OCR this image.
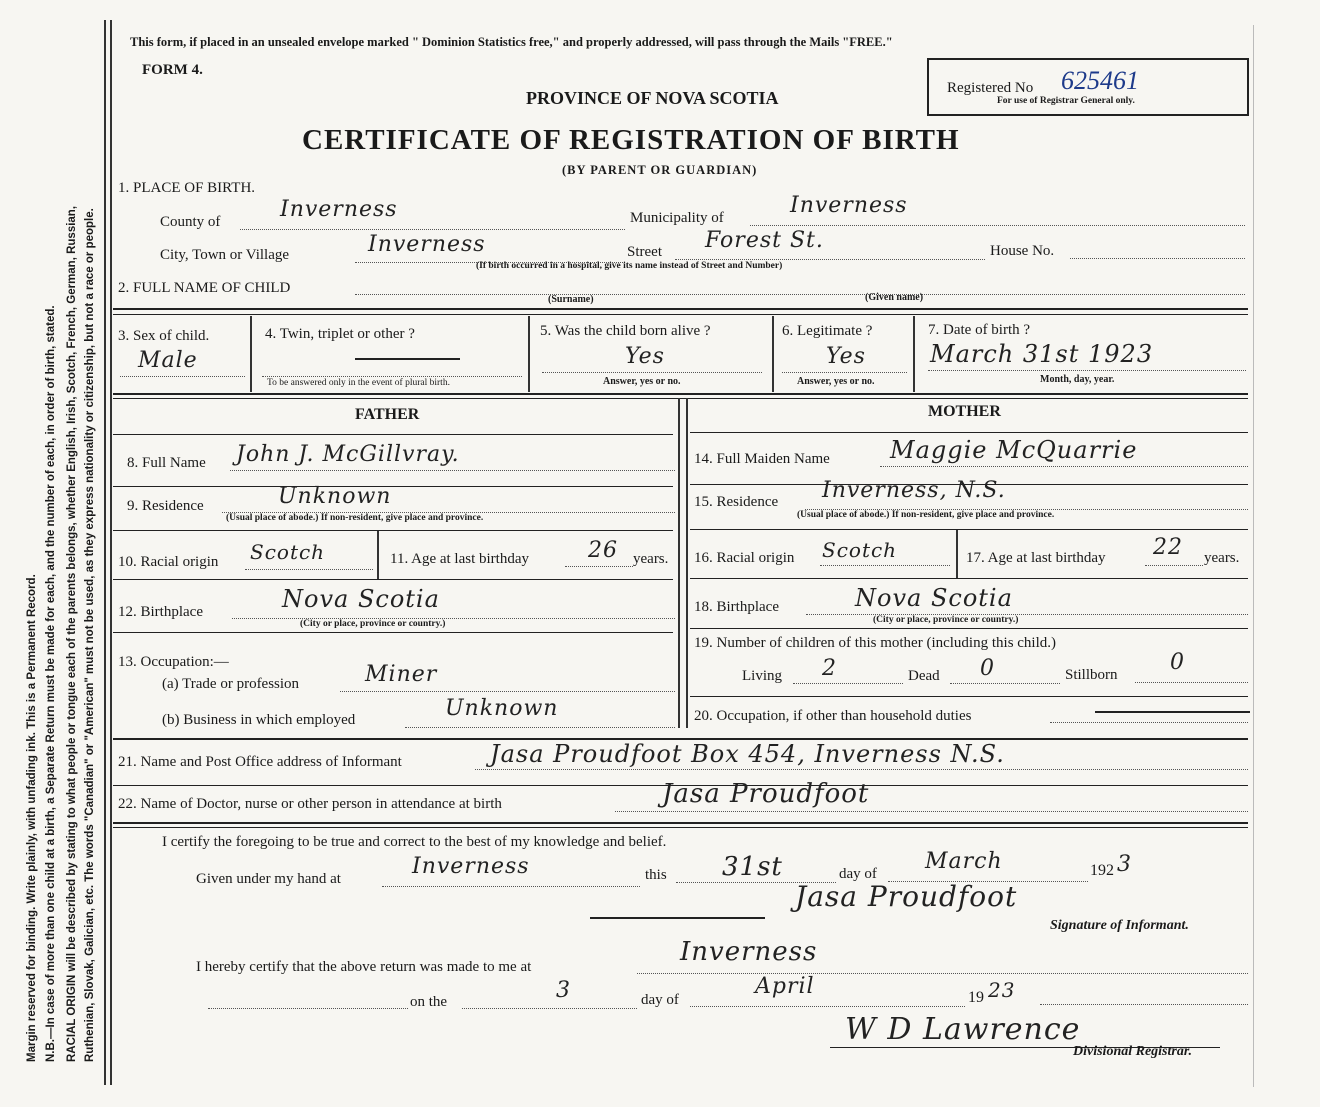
Margin reserved for binding. Write plainly, with unfading ink. This is a Permanent Record. N.B.—In case of more than one child at a birth, a Separate Return must be made for each, and the number of each, in order of birth, stated. RACIAL ORIGIN will be described by stating to what people or tongue each of the parents belongs, whether English, Irish, Scotch, French, German, Russian, Ruthenian, Slovak, Galician, etc. The words "Canadian" or "American" must not be used, as they express nationality or citizenship, but not a race or people.
This form, if placed in an unsealed envelope marked " Dominion Statistics free," and properly addressed, will pass through the Mails "FREE."
FORM 4.
PROVINCE OF NOVA SCOTIA
CERTIFICATE OF REGISTRATION OF BIRTH
(BY PARENT OR GUARDIAN)
Registered No 625461
For use of Registrar General only.
1. PLACE OF BIRTH.
County of	Inverness	Municipality of	Inverness
City, Town or Village	Inverness	Street Forest St.	House No.
(If birth occurred in a hospital, give its name instead of Street and Number)
2. FULL NAME OF CHILD
(Surname)	(Given name)
3. Sex of child.
Male
4. Twin, triplet or other ?
To be answered only in the event of plural birth.
5. Was the child born alive ?
Yes
Answer, yes or no.
6. Legitimate ?
Yes
Answer, yes or no.
7. Date of birth ?
March 31st 1923
Month, day, year.
FATHER
8. Full Name John J. McGillvray.
9. Residence	Unknown
(Usual place of abode.) If non-resident, give place and province.
10. Racial origin Scotch	11. Age at last birthday	26 years.
12. Birthplace	Nova Scotia
(City or place, province or country.)
13. Occupation:—
(a) Trade or profession	Miner
(b) Business in which employed	Unknown
MOTHER
14. Full Maiden Name	Maggie McQuarrie
15. Residence Inverness, N.S.
(Usual place of abode.) If non-resident, give place and province.
16. Racial origin Scotch	17. Age at last birthday 22 years.
18. Birthplace	Nova Scotia
(City or place, province or country.)
19. Number of children of this mother (including this child.)
Living 2	Dead 0	Stillborn 0
20. Occupation, if other than household duties
21. Name and Post Office address of Informant	Jasa Proudfoot Box 454, Inverness N.S.
22. Name of Doctor, nurse or other person in attendance at birth	Jasa Proudfoot
I certify the foregoing to be true and correct to the best of my knowledge and belief.
Given under my hand at	Inverness	this 31st	day of March	192 3
Jasa Proudfoot
Signature of Informant.
I hereby certify that the above return was made to me at	Inverness
on the	3	day of
April	19 23
W D Lawrence
Divisional Registrar.
